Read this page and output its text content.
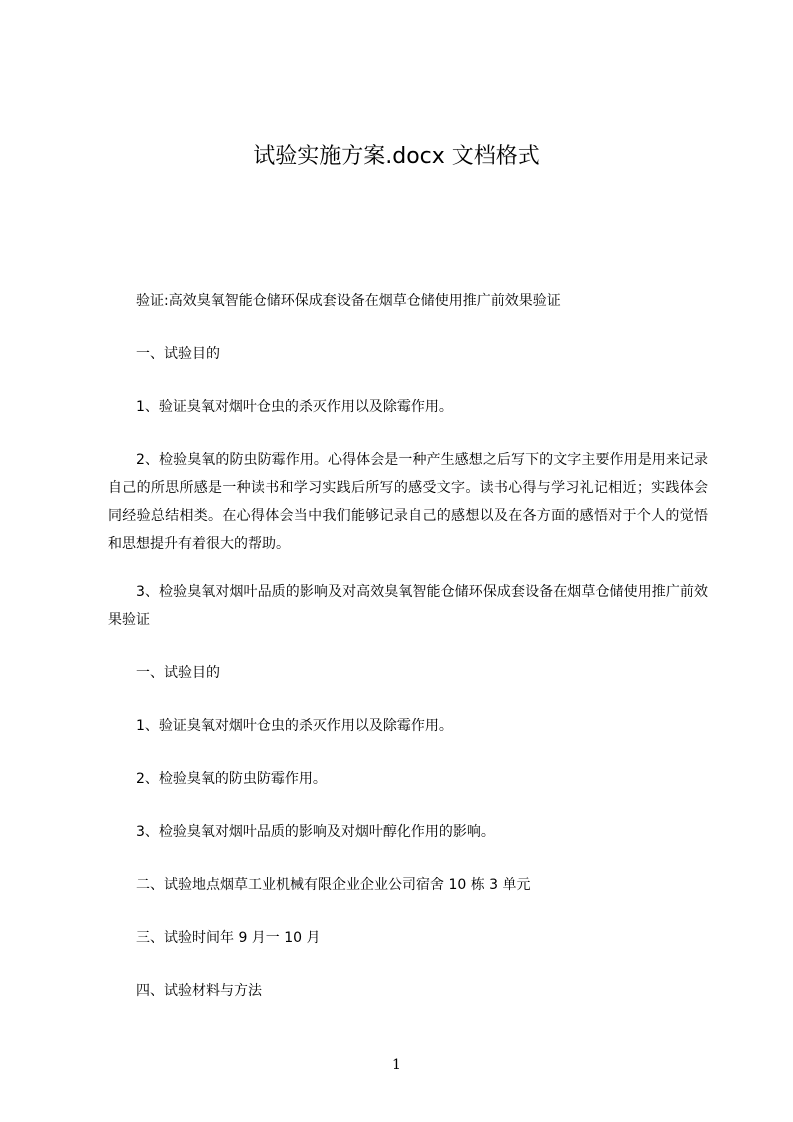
试验实施方案.docx 文档格式

验证:高效臭氧智能仓储环保成套设备在烟草仓储使用推广前效果验证

一、试验目的

1、验证臭氧对烟叶仓虫的杀灭作用以及除霉作用。

2、检验臭氧的防虫防霉作用。心得体会是一种产生感想之后写下的文字主要作用是用来记录自己的所思所感是一种读书和学习实践后所写的感受文字。读书心得与学习礼记相近；实践体会同经验总结相类。在心得体会当中我们能够记录自己的感想以及在各方面的感悟对于个人的觉悟和思想提升有着很大的帮助。

3、检验臭氧对烟叶品质的影响及对高效臭氧智能仓储环保成套设备在烟草仓储使用推广前效果验证

一、试验目的

1、验证臭氧对烟叶仓虫的杀灭作用以及除霉作用。

2、检验臭氧的防虫防霉作用。

3、检验臭氧对烟叶品质的影响及对烟叶醇化作用的影响。

二、试验地点烟草工业机械有限企业企业公司宿舍 10 栋 3 单元

三、试验时间年 9 月一 10 月

四、试验材料与方法

1
